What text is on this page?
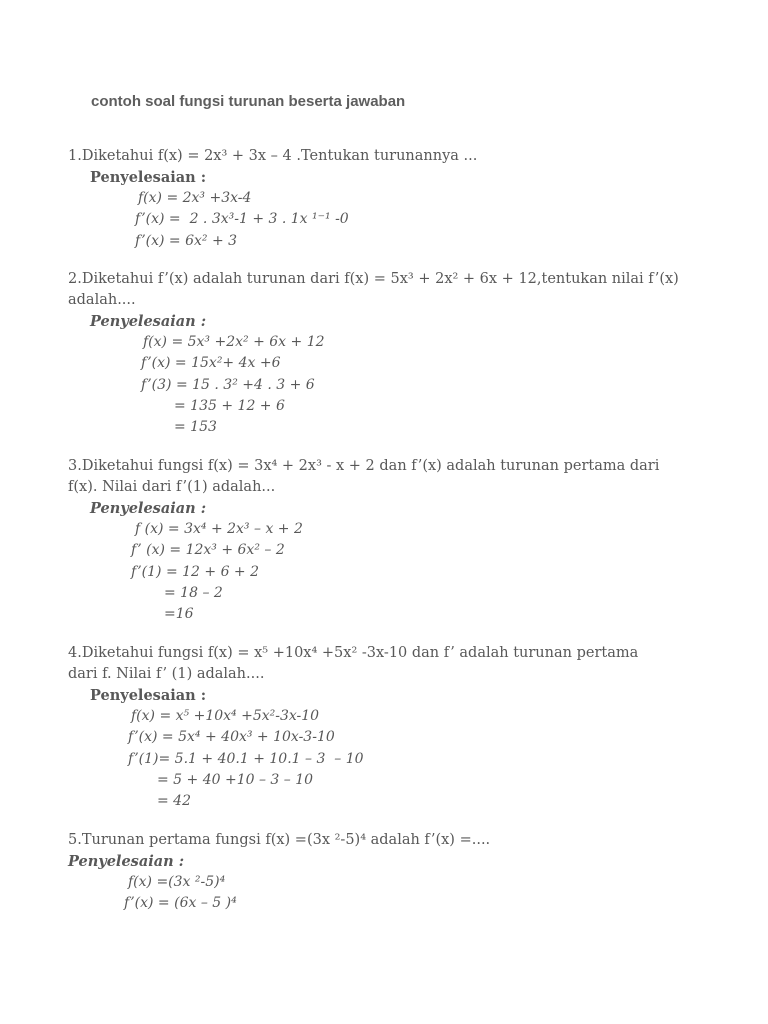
contoh soal fungsi turunan beserta jawaban
1.Diketahui f(x) = 2x³ + 3x – 4 .Tentukan turunannya ...
Penyelesaian :
f(x) = 2x³ +3x-4
f’(x) =  2 . 3x³-1 + 3 . 1x ¹⁻¹ -0
f’(x) = 6x² + 3
2.Diketahui f’(x) adalah turunan dari f(x) = 5x³ + 2x² + 6x + 12,tentukan nilai f’(x)
adalah....
Penyelesaian :
f(x) = 5x³ +2x² + 6x + 12
f’(x) = 15x²+ 4x +6
f’(3) = 15 . 3² +4 . 3 + 6
= 135 + 12 + 6
= 153
3.Diketahui fungsi f(x) = 3x⁴ + 2x³ - x + 2 dan f’(x) adalah turunan pertama dari
f(x). Nilai dari f’(1) adalah...
Penyelesaian :
f (x) = 3x⁴ + 2x³ – x + 2
f’ (x) = 12x³ + 6x² – 2
f’(1) = 12 + 6 + 2
= 18 – 2
=16
4.Diketahui fungsi f(x) = x⁵ +10x⁴ +5x² -3x-10 dan f’ adalah turunan pertama
dari f. Nilai f’ (1) adalah....
Penyelesaian :
f(x) = x⁵ +10x⁴ +5x²-3x-10
f’(x) = 5x⁴ + 40x³ + 10x-3-10
f’(1)= 5.1 + 40.1 + 10.1 – 3  – 10
= 5 + 40 +10 – 3 – 10
= 42
5.Turunan pertama fungsi f(x) =(3x ²-5)⁴ adalah f’(x) =....
Penyelesaian :
f(x) =(3x ²-5)⁴
f’(x) = (6x – 5 )⁴
